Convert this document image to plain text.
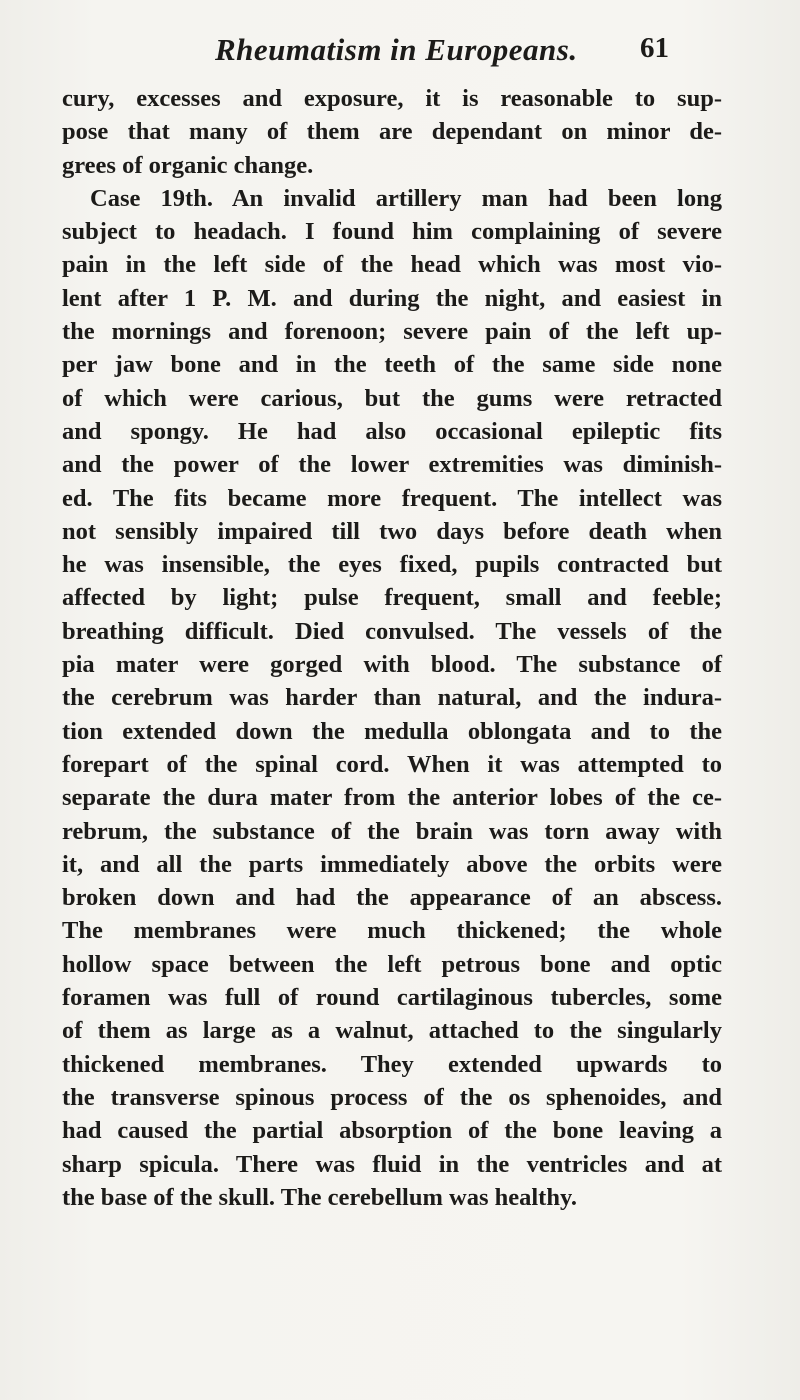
Rheumatism in Europeans. 61
cury, excesses and exposure, it is reasonable to sup-
pose that many of them are dependant on minor de-
grees of organic change.
Case 19th. An invalid artillery man had been long
subject to headach. I found him complaining of severe
pain in the left side of the head which was most vio-
lent after 1 P. M. and during the night, and easiest in
the mornings and forenoon; severe pain of the left up-
per jaw bone and in the teeth of the same side none
of which were carious, but the gums were retracted
and spongy. He had also occasional epileptic fits
and the power of the lower extremities was diminish-
ed. The fits became more frequent. The intellect was
not sensibly impaired till two days before death when
he was insensible, the eyes fixed, pupils contracted but
affected by light; pulse frequent, small and feeble;
breathing difficult. Died convulsed. The vessels of the
pia mater were gorged with blood. The substance of
the cerebrum was harder than natural, and the indura-
tion extended down the medulla oblongata and to the
forepart of the spinal cord. When it was attempted to
separate the dura mater from the anterior lobes of the ce-
rebrum, the substance of the brain was torn away with
it, and all the parts immediately above the orbits were
broken down and had the appearance of an abscess.
The membranes were much thickened; the whole
hollow space between the left petrous bone and optic
foramen was full of round cartilaginous tubercles, some
of them as large as a walnut, attached to the singularly
thickened membranes. They extended upwards to
the transverse spinous process of the os sphenoides, and
had caused the partial absorption of the bone leaving a
sharp spicula. There was fluid in the ventricles and at
the base of the skull. The cerebellum was healthy.
